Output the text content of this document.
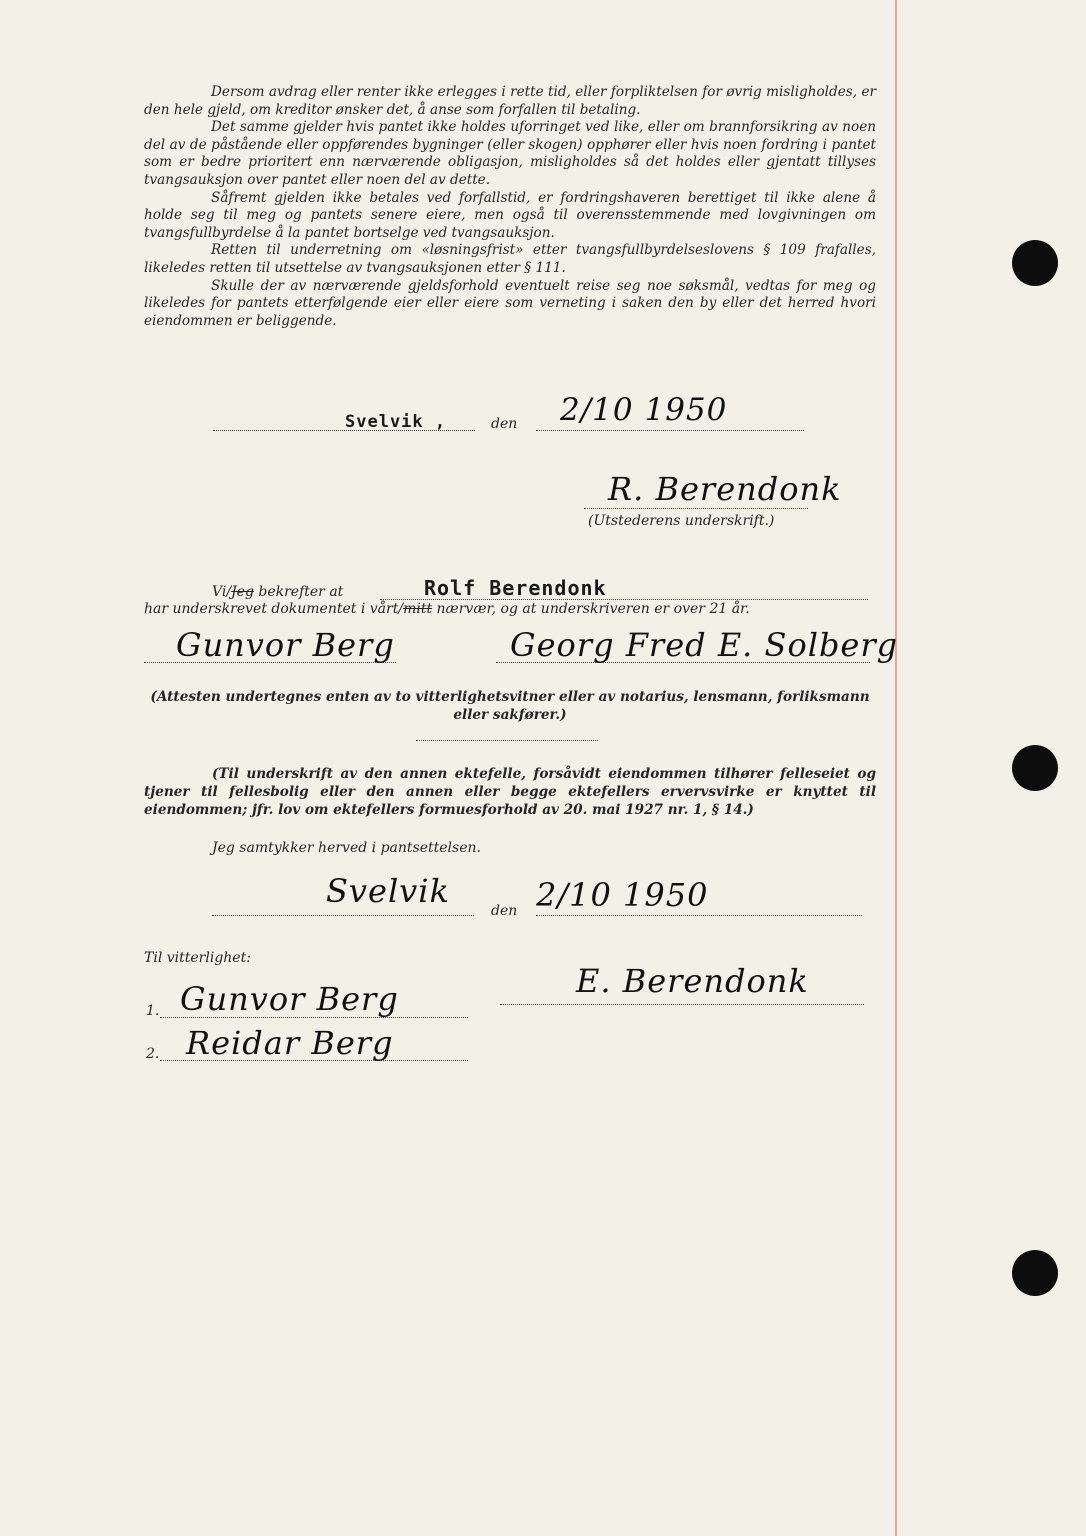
Dersom avdrag eller renter ikke erlegges i rette tid, eller forpliktelsen for øvrig misligholdes, er den hele gjeld, om kreditor ønsker det, å anse som forfallen til betaling.

Det samme gjelder hvis pantet ikke holdes uforringet ved like, eller om brannforsikring av noen del av de påstående eller oppførendes bygninger (eller skogen) opphører eller hvis noen fordring i pantet som er bedre prioritert enn nærværende obligasjon, misligholdes så det holdes eller gjentatt tillyses tvangsauksjon over pantet eller noen del av dette.

Såfremt gjelden ikke betales ved forfallstid, er fordringshaveren berettiget til ikke alene å holde seg til meg og pantets senere eiere, men også til overensstemmende med lovgivningen om tvangsfullbyrdelse å la pantet bortselge ved tvangsauksjon.

Retten til underretning om «løsningsfrist» etter tvangsfullbyrdelseslovens § 109 frafalles, likeledes retten til utsettelse av tvangsauksjonen etter § 111.

Skulle der av nærværende gjeldsforhold eventuelt reise seg noe søksmål, vedtas for meg og likeledes for pantets etterfølgende eier eller eiere som verneting i saken den by eller det herred hvori eiendommen er beliggende.

Svelvik ,	den 2/10 1950
R. Berendonk
(Utstederens underskrift.)
Vi/Jeg bekrefter at	Rolf Berendonk
har underskrevet dokumentet i vårt/mitt nærvær, og at underskriveren er over 21 år.
Gunvor Berg	Georg Fred E. Solberg
(Attesten undertegnes enten av to vitterlighetsvitner eller av notarius, lensmann, forliksmann eller sakfører.)
(Til underskrift av den annen ektefelle, forsåvidt eiendommen tilhører felleseiet og tjener til fellesbolig eller den annen eller begge ektefellers ervervsvirke er knyttet til eiendommen; jfr. lov om ektefellers formuesforhold av 20. mai 1927 nr. 1, § 14.)
Jeg samtykker herved i pantsettelsen.
Svelvik
den 2/10 1950
Til vitterlighet:
E. Berendonk
1. Gunvor Berg
2. Reidar Berg
